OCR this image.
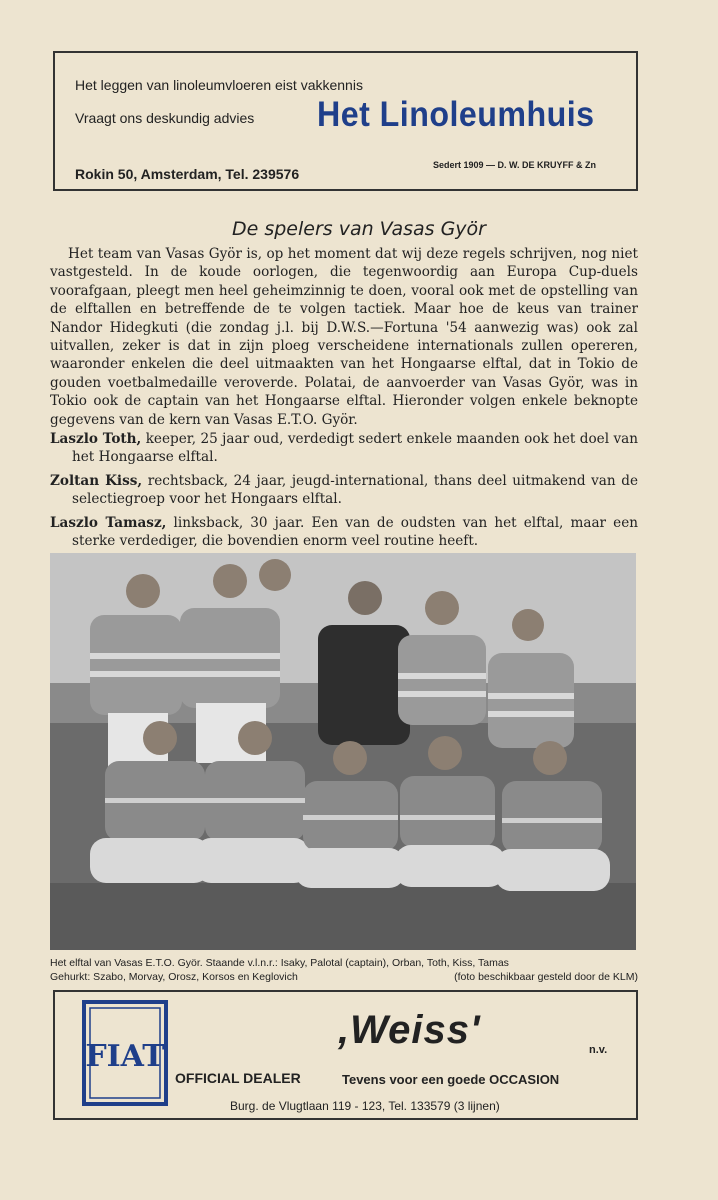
Het leggen van linoleumvloeren eist vakkennis
Vraagt ons deskundig advies Het Linoleumhuis
Rokin 50, Amsterdam, Tel. 239576
Sedert 1909 — D. W. DE KRUYFF & Zn
De spelers van Vasas Györ

Het team van Vasas Györ is, op het moment dat wij deze regels schrijven, nog niet vastgesteld. In de koude oorlogen, die tegenwoordig aan Europa Cup-duels voorafgaan, pleegt men heel geheimzinnig te doen, vooral ook met de opstelling van de elftallen en betreffende de te volgen tactiek. Maar hoe de keus van trainer Nandor Hidegkuti (die zondag j.l. bij D.W.S.—Fortuna '54 aanwezig was) ook zal uitvallen, zeker is dat in zijn ploeg verscheidene internationals zullen opereren, waaronder enkelen die deel uitmaakten van het Hongaarse elftal, dat in Tokio de gouden voetbalmedaille veroverde. Polatai, de aanvoerder van Vasas Györ, was in Tokio ook de captain van het Hongaarse elftal. Hieronder volgen enkele beknopte gegevens van de kern van Vasas E.T.O. Györ.

Laszlo Toth, keeper, 25 jaar oud, verdedigt sedert enkele maanden ook het doel van het Hongaarse elftal.

Zoltan Kiss, rechtsback, 24 jaar, jeugd-international, thans deel uitmakend van de selectiegroep voor het Hongaars elftal.

Laszlo Tamasz, linksback, 30 jaar. Een van de oudsten van het elftal, maar een sterke verdediger, die bovendien enorm veel routine heeft.

Het elftal van Vasas E.T.O. Györ. Staande v.l.n.r.: Isaky, Palotal (captain), Orban, Toth, Kiss, Tamas
Gehurkt: Szabo, Morvay, Orosz, Korsos en Keglovich	(foto beschikbaar gesteld door de KLM)
FIAT
,Weiss'	n.v.
OFFICIAL DEALER	Tevens voor een goede OCCASION
Burg. de Vlugtlaan 119 - 123, Tel. 133579 (3 lijnen)
